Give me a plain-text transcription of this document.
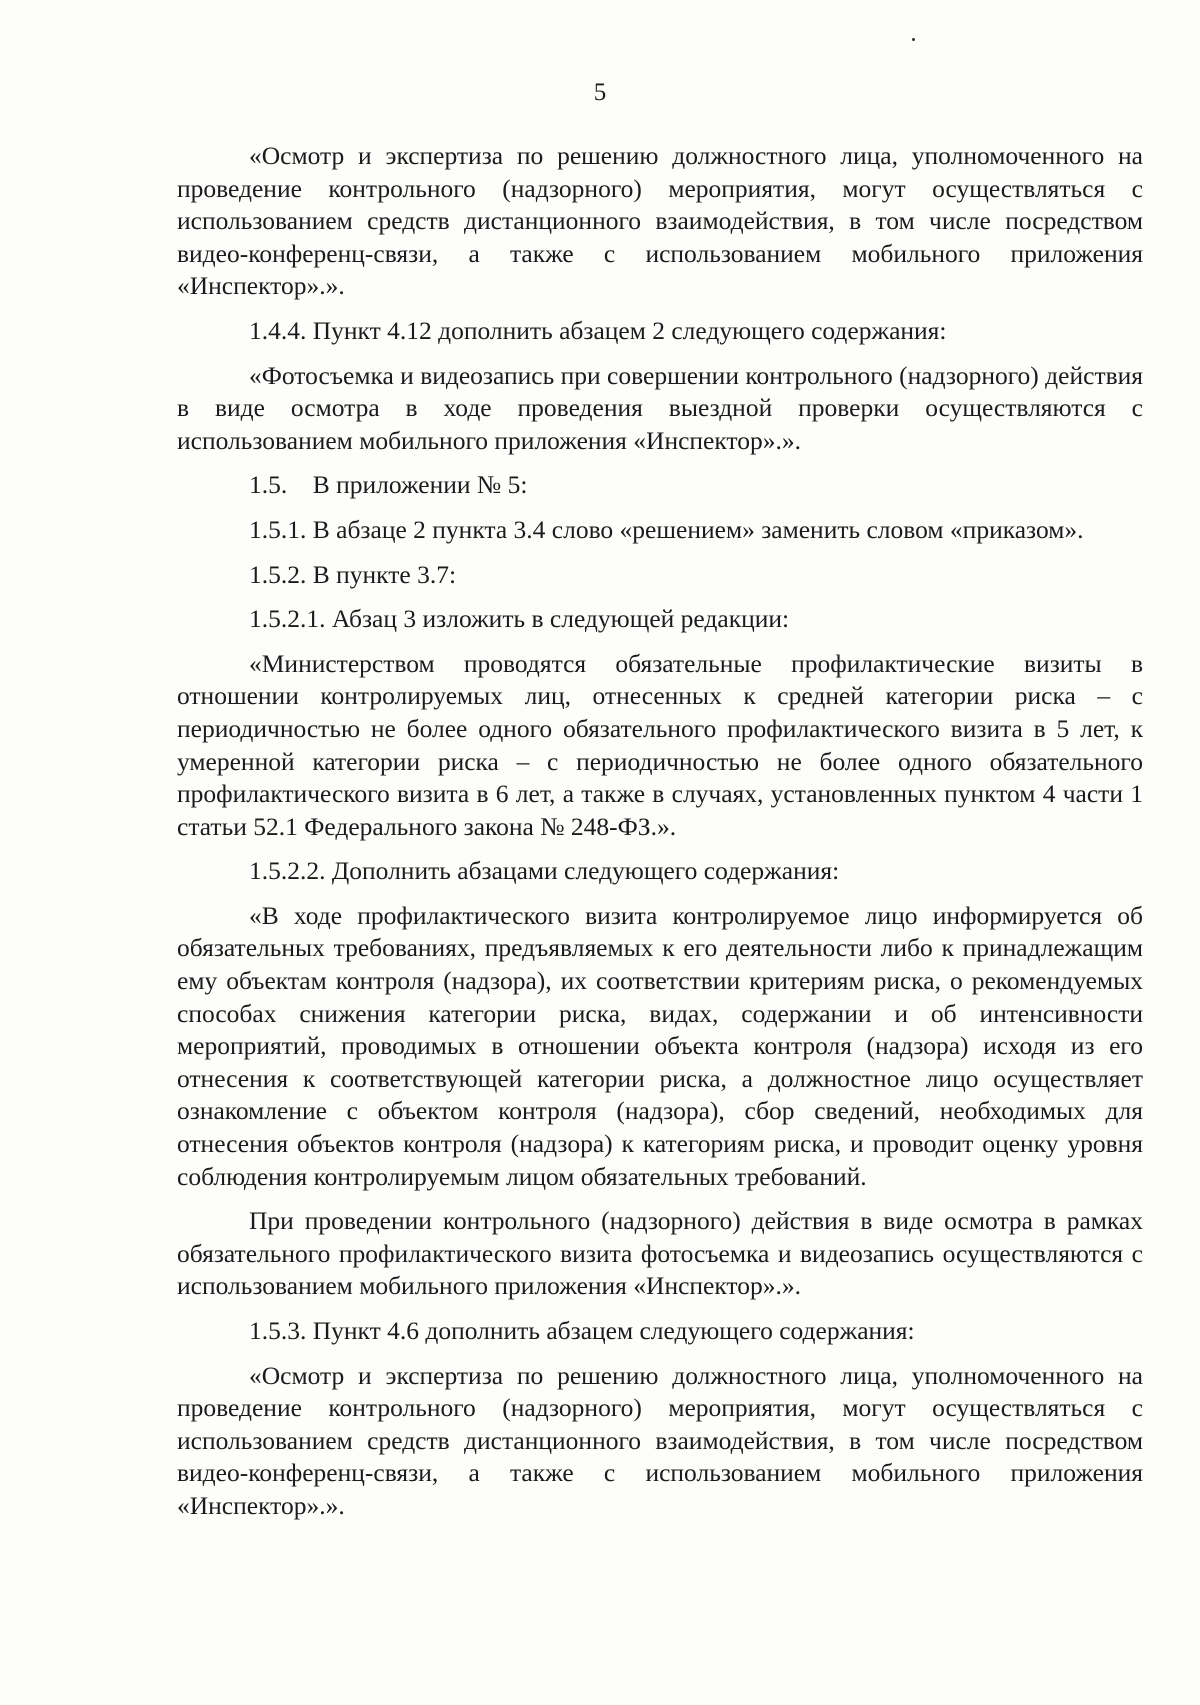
5

«Осмотр и экспертиза по решению должностного лица, уполномоченного на проведение контрольного (надзорного) мероприятия, могут осуществляться с использованием средств дистанционного взаимодействия, в том числе посредством видео-конференц-связи, а также с использованием мобильного приложения «Инспектор».».

1.4.4. Пункт 4.12 дополнить абзацем 2 следующего содержания:

«Фотосъемка и видеозапись при совершении контрольного (надзорного) действия в виде осмотра в ходе проведения выездной проверки осуществляются с использованием мобильного приложения «Инспектор».».

1.5.    В приложении № 5:

1.5.1. В абзаце 2 пункта 3.4 слово «решением» заменить словом «приказом».

1.5.2. В пункте 3.7:

1.5.2.1. Абзац 3 изложить в следующей редакции:

«Министерством проводятся обязательные профилактические визиты в отношении контролируемых лиц, отнесенных к средней категории риска – с периодичностью не более одного обязательного профилактического визита в 5 лет, к умеренной категории риска – с периодичностью не более одного обязательного профилактического визита в 6 лет, а также в случаях, установленных пунктом 4 части 1 статьи 52.1 Федерального закона № 248-ФЗ.».

1.5.2.2. Дополнить абзацами следующего содержания:

«В ходе профилактического визита контролируемое лицо информируется об обязательных требованиях, предъявляемых к его деятельности либо к принадлежащим ему объектам контроля (надзора), их соответствии критериям риска, о рекомендуемых способах снижения категории риска, видах, содержании и об интенсивности мероприятий, проводимых в отношении объекта контроля (надзора) исходя из его отнесения к соответствующей категории риска, а должностное лицо осуществляет ознакомление с объектом контроля (надзора), сбор сведений, необходимых для отнесения объектов контроля (надзора) к категориям риска, и проводит оценку уровня соблюдения контролируемым лицом обязательных требований.

При проведении контрольного (надзорного) действия в виде осмотра в рамках обязательного профилактического визита фотосъемка и видеозапись осуществляются с использованием мобильного приложения «Инспектор».».

1.5.3. Пункт 4.6 дополнить абзацем следующего содержания:

«Осмотр и экспертиза по решению должностного лица, уполномоченного на проведение контрольного (надзорного) мероприятия, могут осуществляться с использованием средств дистанционного взаимодействия, в том числе посредством видео-конференц-связи, а также с использованием мобильного приложения «Инспектор».».
